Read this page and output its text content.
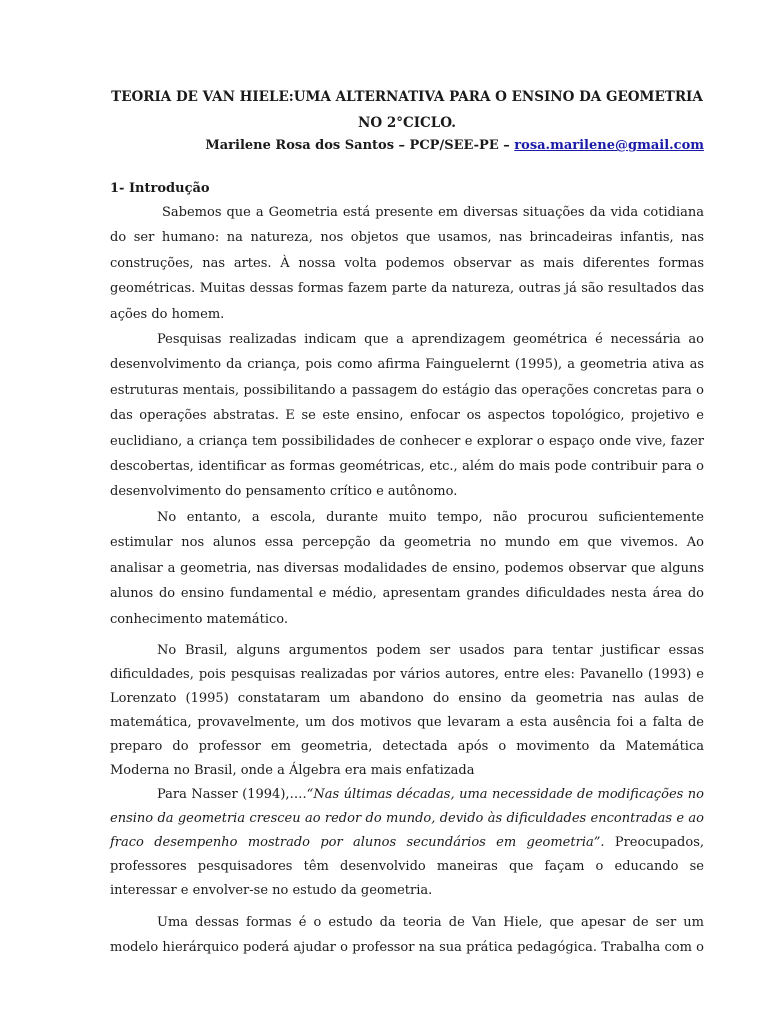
TEORIA DE VAN HIELE:UMA ALTERNATIVA PARA O ENSINO DA GEOMETRIA

NO 2°CICLO.

Marilene Rosa dos Santos – PCP/SEE-PE – rosa.marilene@gmail.com

1- Introdução

Sabemos que a Geometria está presente em diversas situações da vida cotidiana do ser humano: na natureza, nos objetos que usamos, nas brincadeiras infantis, nas construções, nas artes. À nossa volta podemos observar as mais diferentes formas geométricas. Muitas dessas formas fazem parte da natureza, outras já são resultados das ações do homem.

Pesquisas realizadas indicam que a aprendizagem geométrica é necessária ao desenvolvimento da criança, pois como afirma Fainguelernt (1995), a geometria ativa as estruturas mentais, possibilitando a passagem do estágio das operações concretas para o das operações abstratas. E se este ensino, enfocar os aspectos topológico, projetivo e euclidiano, a criança tem possibilidades de conhecer e explorar o espaço onde vive, fazer descobertas, identificar as formas geométricas, etc., além do mais pode contribuir para o desenvolvimento do pensamento crítico e autônomo.

No entanto, a escola, durante muito tempo, não procurou suficientemente estimular nos alunos essa percepção da geometria no mundo em que vivemos. Ao analisar a geometria, nas diversas modalidades de ensino, podemos observar que alguns alunos do ensino fundamental e médio, apresentam grandes dificuldades nesta área do conhecimento matemático.

No Brasil, alguns argumentos podem ser usados para tentar justificar essas dificuldades, pois pesquisas realizadas por vários autores, entre eles: Pavanello (1993) e Lorenzato (1995) constataram um abandono do ensino da geometria nas aulas de matemática, provavelmente, um dos motivos que levaram a esta ausência foi a falta de preparo do professor em geometria, detectada após o movimento da Matemática Moderna no Brasil, onde a Álgebra era mais enfatizada

Para Nasser (1994),….“Nas últimas décadas, uma necessidade de modificações no ensino da geometria cresceu ao redor do mundo, devido às dificuldades encontradas e ao fraco desempenho mostrado por alunos secundários em geometria”. Preocupados, professores pesquisadores têm desenvolvido maneiras que façam o educando se interessar e envolver-se no estudo da geometria.

Uma dessas formas é o estudo da teoria de Van Hiele, que apesar de ser um modelo hierárquico poderá ajudar o professor na sua prática pedagógica. Trabalha com o
